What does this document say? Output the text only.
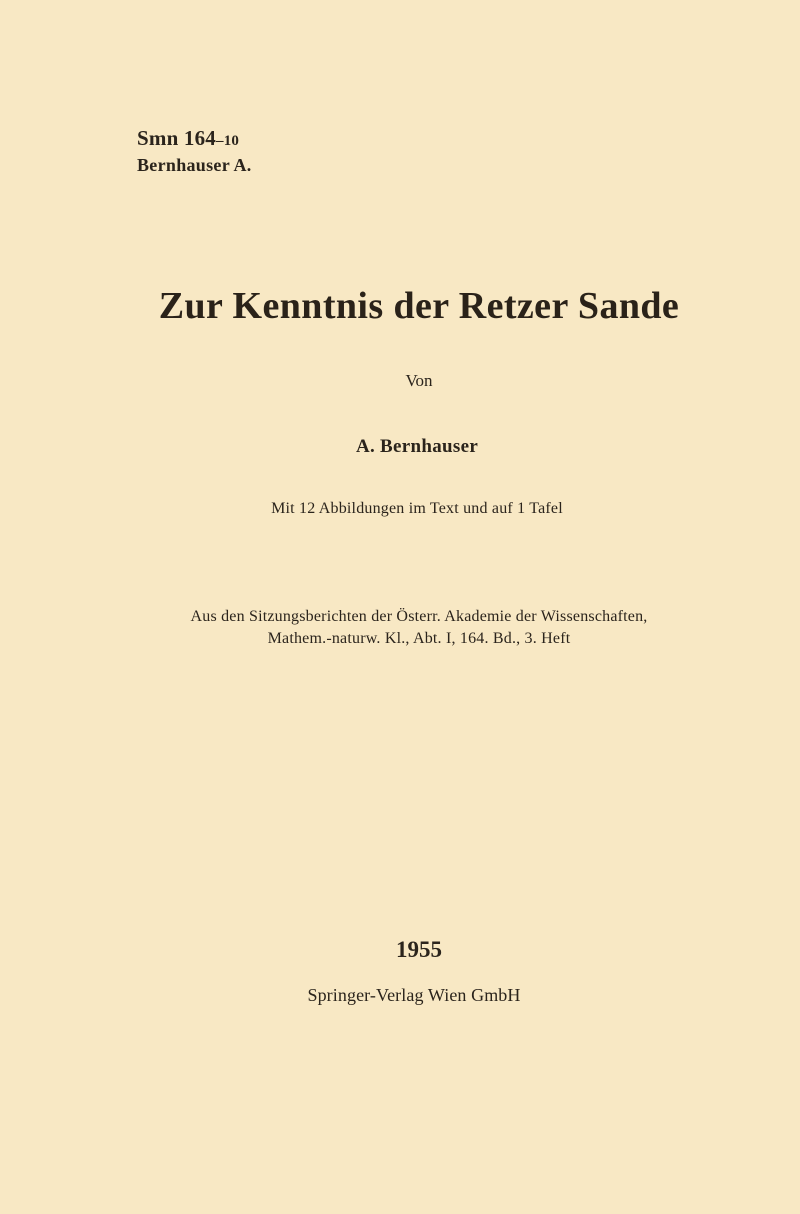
Smn 164–10
Bernhauser A.
Zur Kenntnis der Retzer Sande
Von
A. Bernhauser
Mit 12 Abbildungen im Text und auf 1 Tafel
Aus den Sitzungsberichten der Österr. Akademie der Wissenschaften,
Mathem.-naturw. Kl., Abt. I, 164. Bd., 3. Heft
1955
Springer-Verlag Wien GmbH
